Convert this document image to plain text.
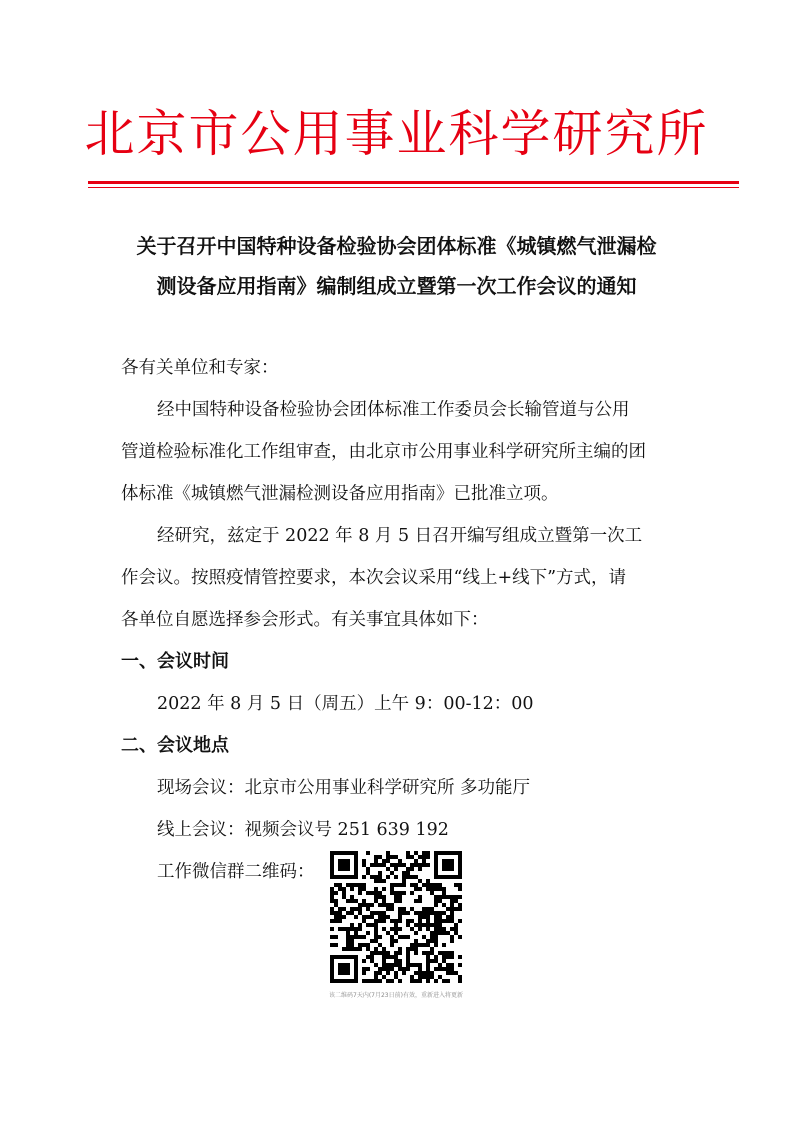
北京市公用事业科学研究所
关于召开中国特种设备检验协会团体标准《城镇燃气泄漏检
测设备应用指南》编制组成立暨第一次工作会议的通知
各有关单位和专家：
经中国特种设备检验协会团体标准工作委员会长输管道与公用
管道检验标准化工作组审查，由北京市公用事业科学研究所主编的团
体标准《城镇燃气泄漏检测设备应用指南》已批准立项。
经研究，兹定于 2022 年 8 月 5 日召开编写组成立暨第一次工
作会议。按照疫情管控要求，本次会议采用“线上+线下”方式，请
各单位自愿选择参会形式。有关事宜具体如下：
一、会议时间
2022 年 8 月 5 日（周五）上午 9：00-12：00
二、会议地点
现场会议：北京市公用事业科学研究所 多功能厅
线上会议：视频会议号 251 639 192
工作微信群二维码：
该二维码7天内(7月23日前)有效，重新进入将更新
